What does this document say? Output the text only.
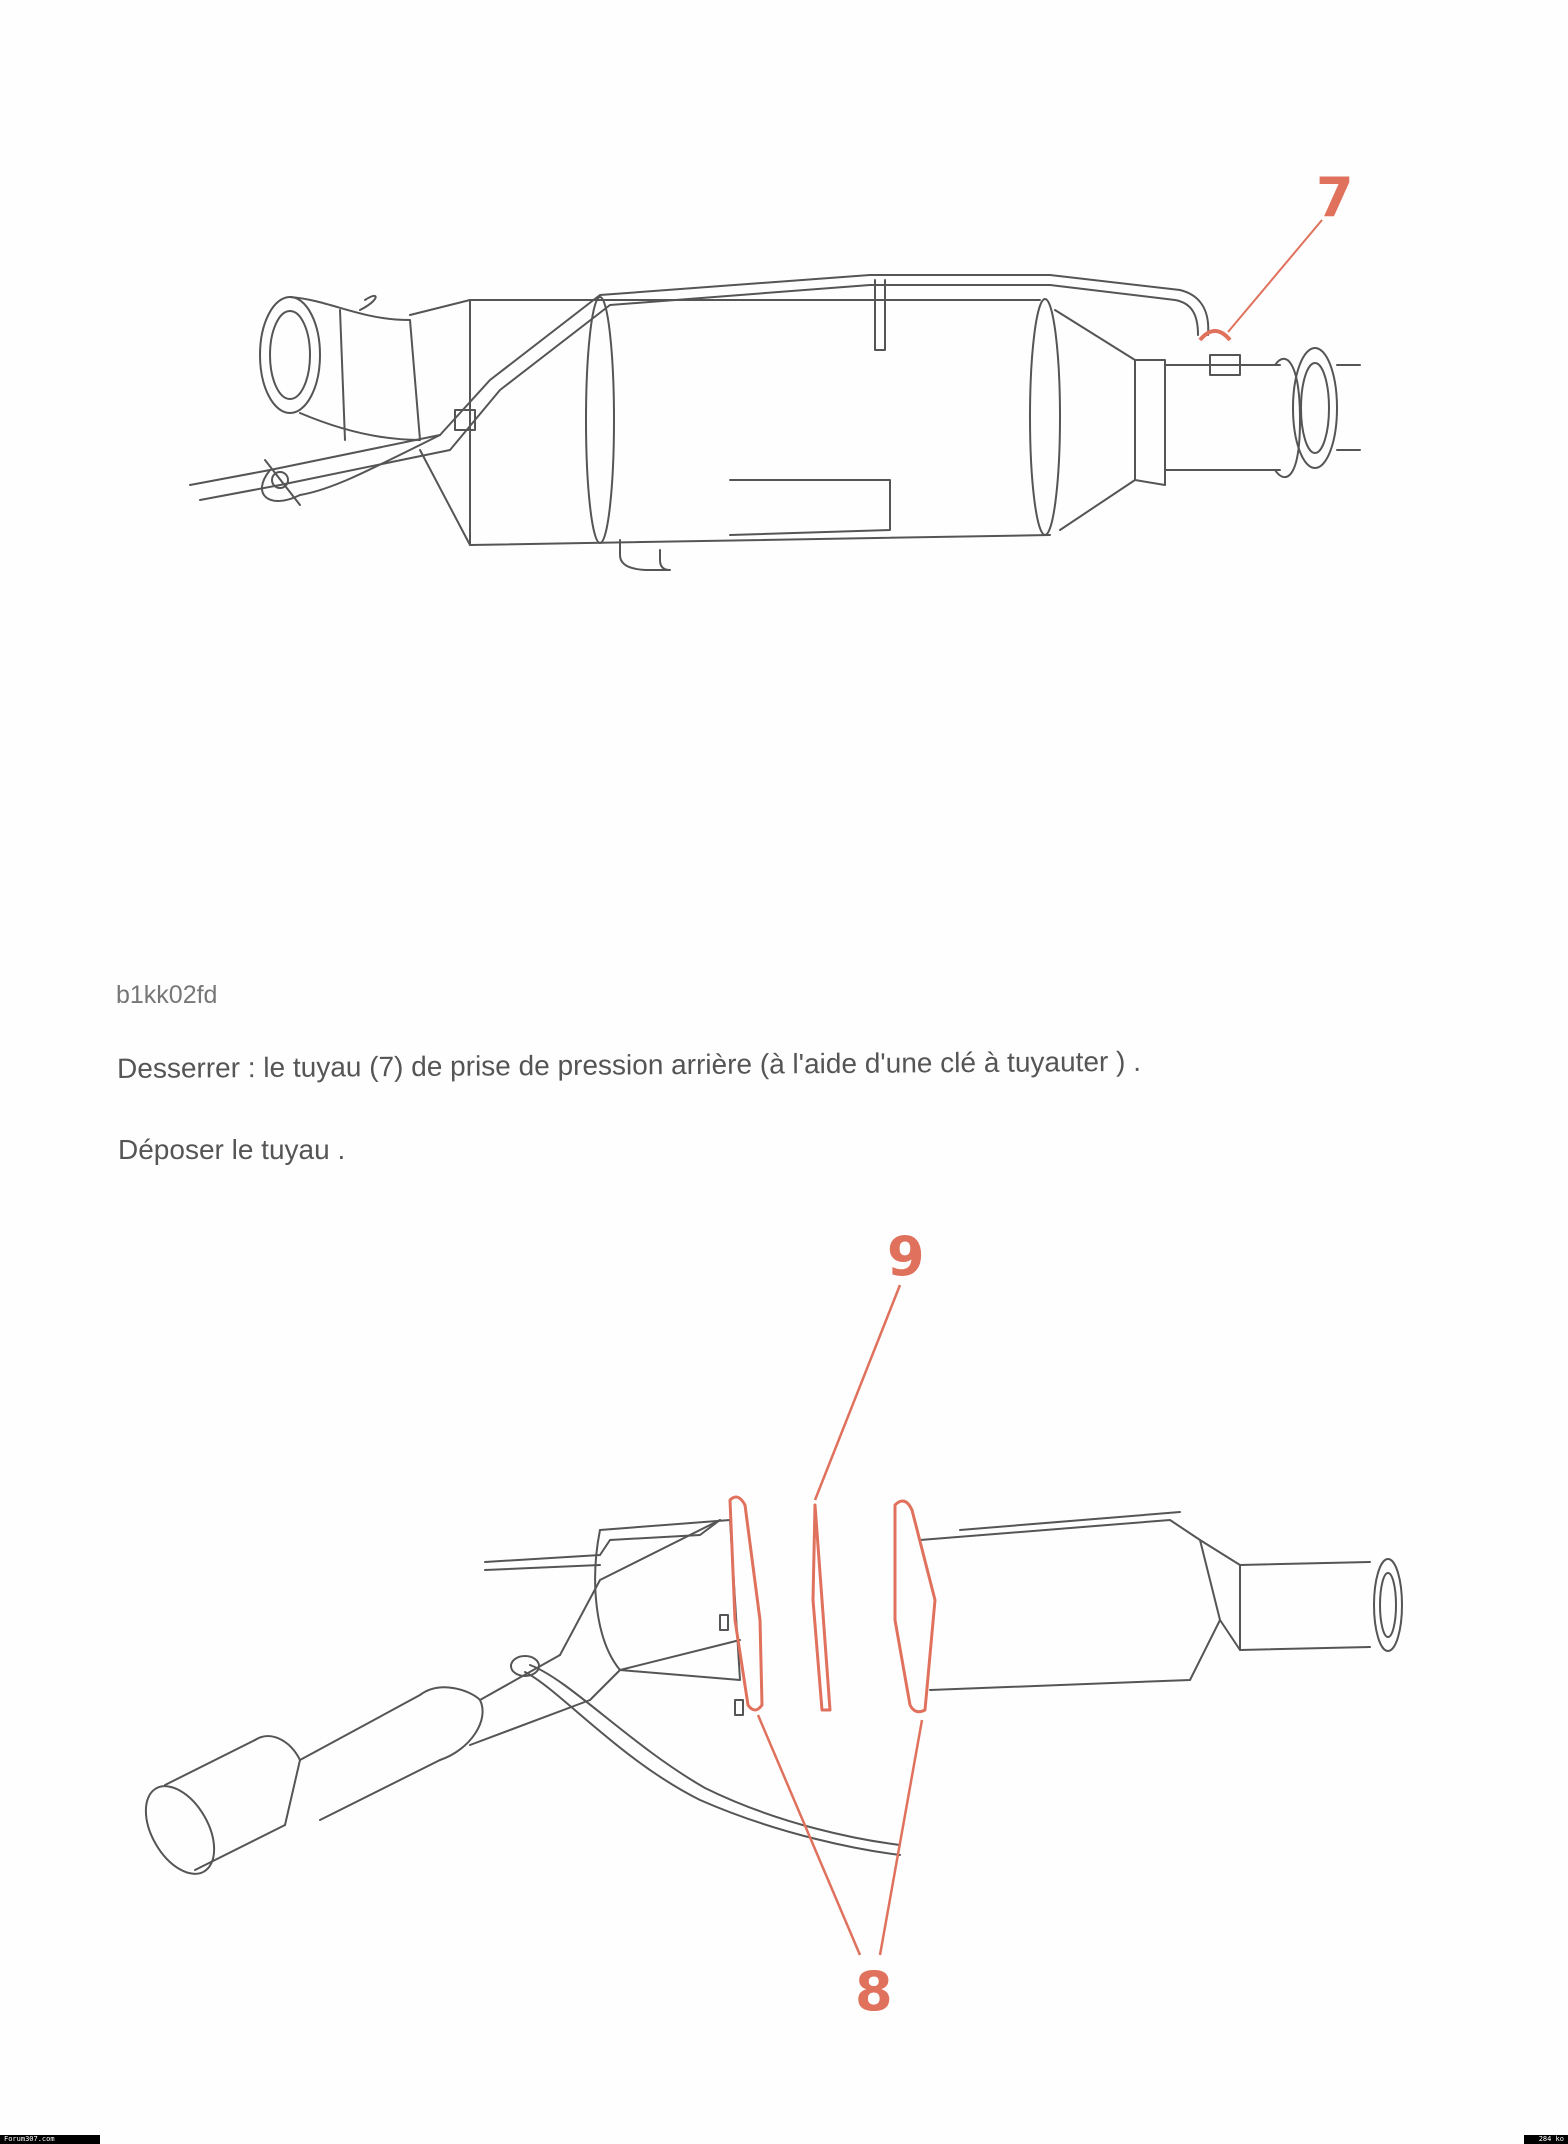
7
b1kk02fd
Desserrer : le tuyau (7) de prise de pression arrière (à l'aide d'une clé à tuyauter ) .
Déposer le tuyau .
9
8
Forum307.com	284 ko
